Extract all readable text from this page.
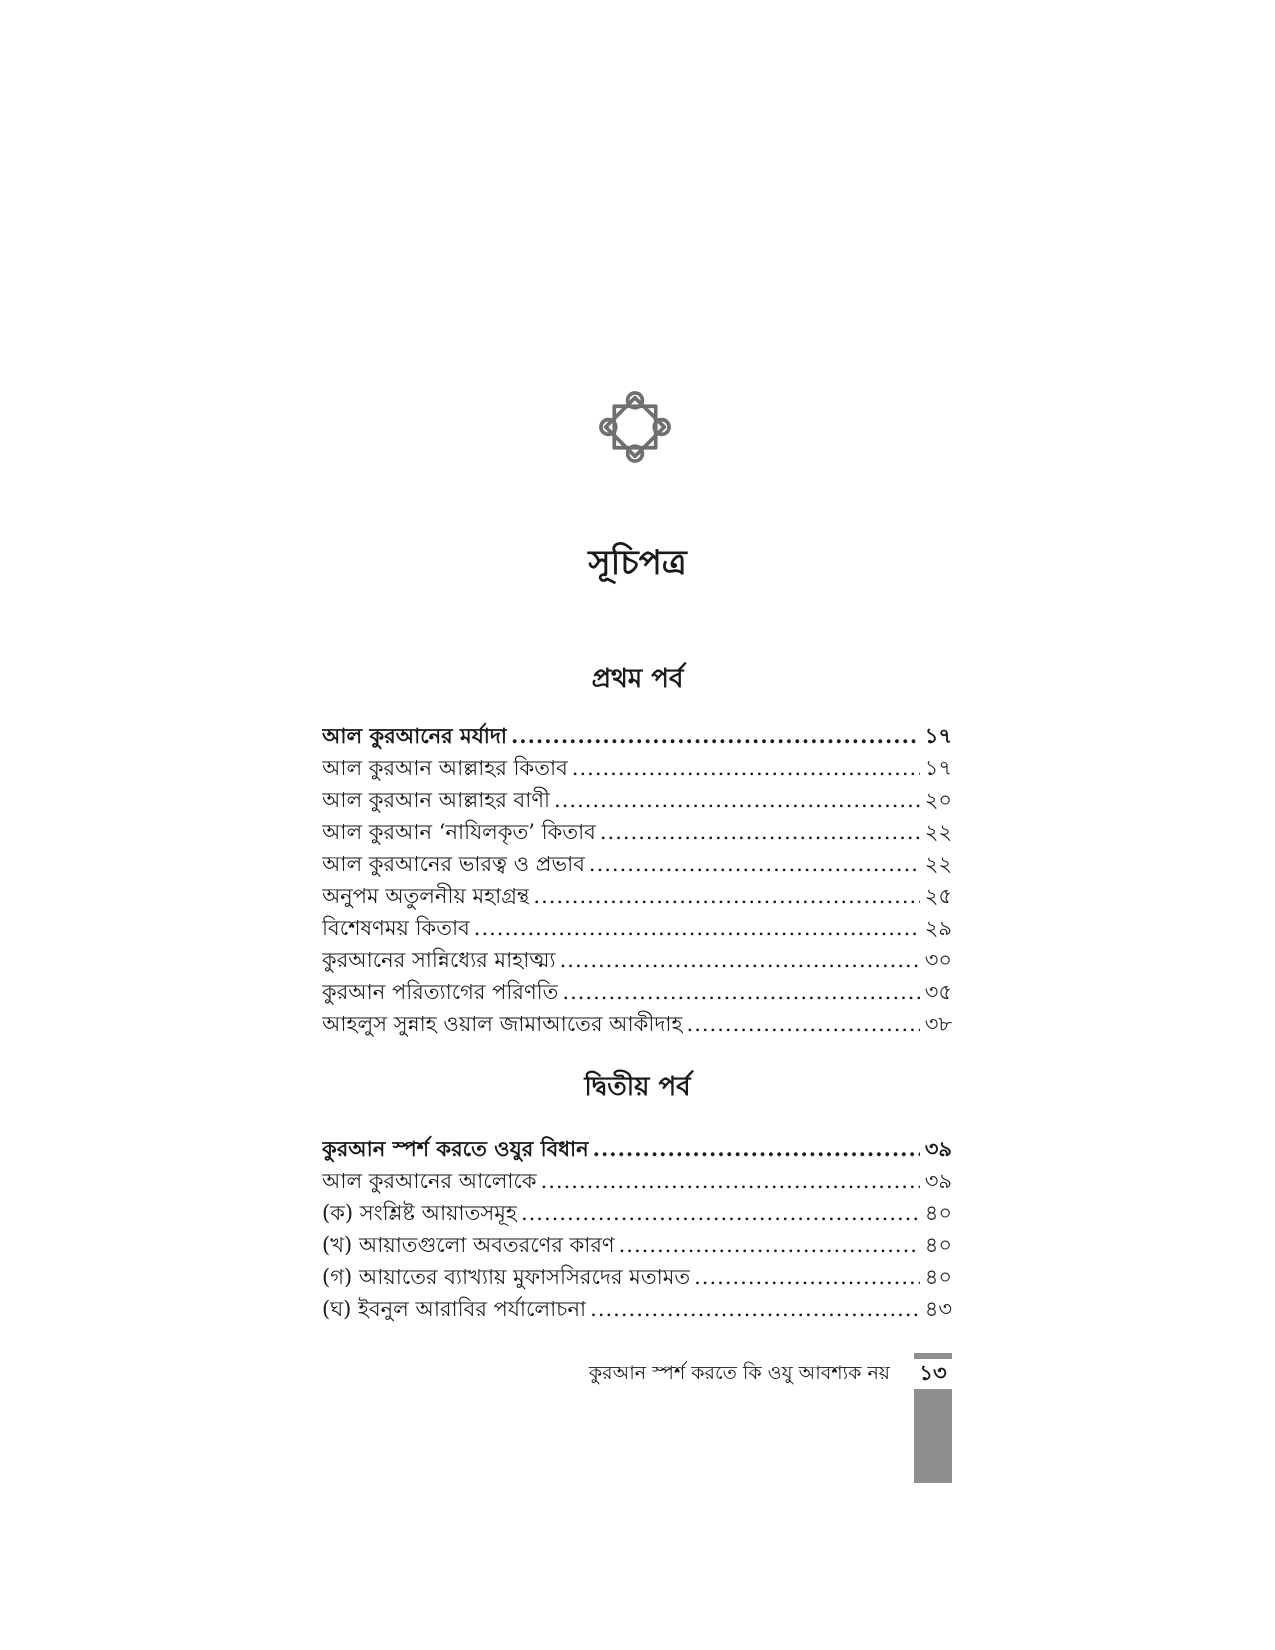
সূচিপত্র
প্রথম পর্ব
আল কুরআনের মর্যাদা .....	১৭
আল কুরআন আল্লাহর কিতাব .....	১৭
আল কুরআন আল্লাহর বাণী .....	২০
আল কুরআন ‘নাযিলকৃত’ কিতাব .....	২২
আল কুরআনের ভারত্ব ও প্রভাব .....	২২
অনুপম অতুলনীয় মহাগ্রন্থ .....	২৫
বিশেষণময় কিতাব .....	২৯
কুরআনের সান্নিধ্যের মাহাত্ম্য .....	৩০
কুরআন পরিত্যাগের পরিণতি .....	৩৫
আহলুস সুন্নাহ ওয়াল জামাআতের আকীদাহ .....	৩৮
দ্বিতীয় পর্ব
কুরআন স্পর্শ করতে ওযুর বিধান .....	৩৯
আল কুরআনের আলোকে .....	৩৯
(ক) সংশ্লিষ্ট আয়াতসমূহ .....	৪০
(খ) আয়াতগুলো অবতরণের কারণ .....	৪০
(গ) আয়াতের ব্যাখ্যায় মুফাসসিরদের মতামত .....	৪০
(ঘ) ইবনুল আরাবির পর্যালোচনা .....	৪৩
কুরআন স্পর্শ করতে কি ওযু আবশ্যক নয় ১৩
